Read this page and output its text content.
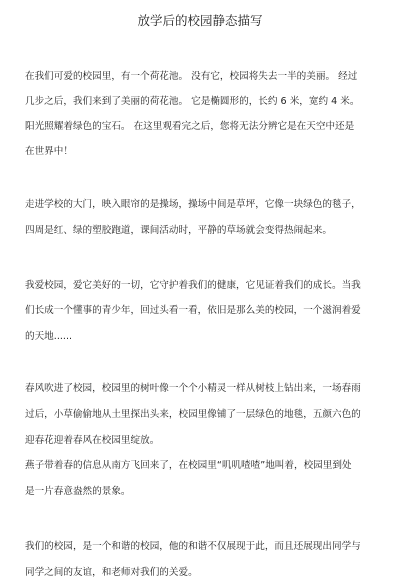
放学后的校园静态描写
在我们可爱的校园里，有一个荷花池。 没有它，校园将失去一半的美丽。 经过
几步之后，我们来到了美丽的荷花池。 它是椭圆形的，长约 6 米，宽约 4 米。
阳光照耀着绿色的宝石。 在这里观看完之后，您将无法分辨它是在天空中还是
在世界中！
走进学校的大门，映入眼帘的是操场，操场中间是草坪，它像一块绿色的毯子，
四周是红、绿的塑胶跑道，课间活动时，平静的草场就会变得热闹起来。
我爱校园，爱它美好的一切，它守护着我们的健康，它见证着我们的成长。当我
们长成一个懂事的青少年，回过头看一看，依旧是那么美的校园，一个滋润着爱
的天地......
春风吹进了校园，校园里的树叶像一个个小精灵一样从树枝上钻出来，一场春雨
过后，小草偷偷地从土里探出头来，校园里像铺了一层绿色的地毯，五颜六色的
迎春花迎着春风在校园里绽放。
燕子带着春的信息从南方飞回来了，在校园里“叽叽喳喳”地叫着，校园里到处
是一片春意盎然的景象。
我们的校园，是一个和谐的校园，他的和谐不仅展现于此，而且还展现出同学与
同学之间的友谊，和老师对我们的关爱。
